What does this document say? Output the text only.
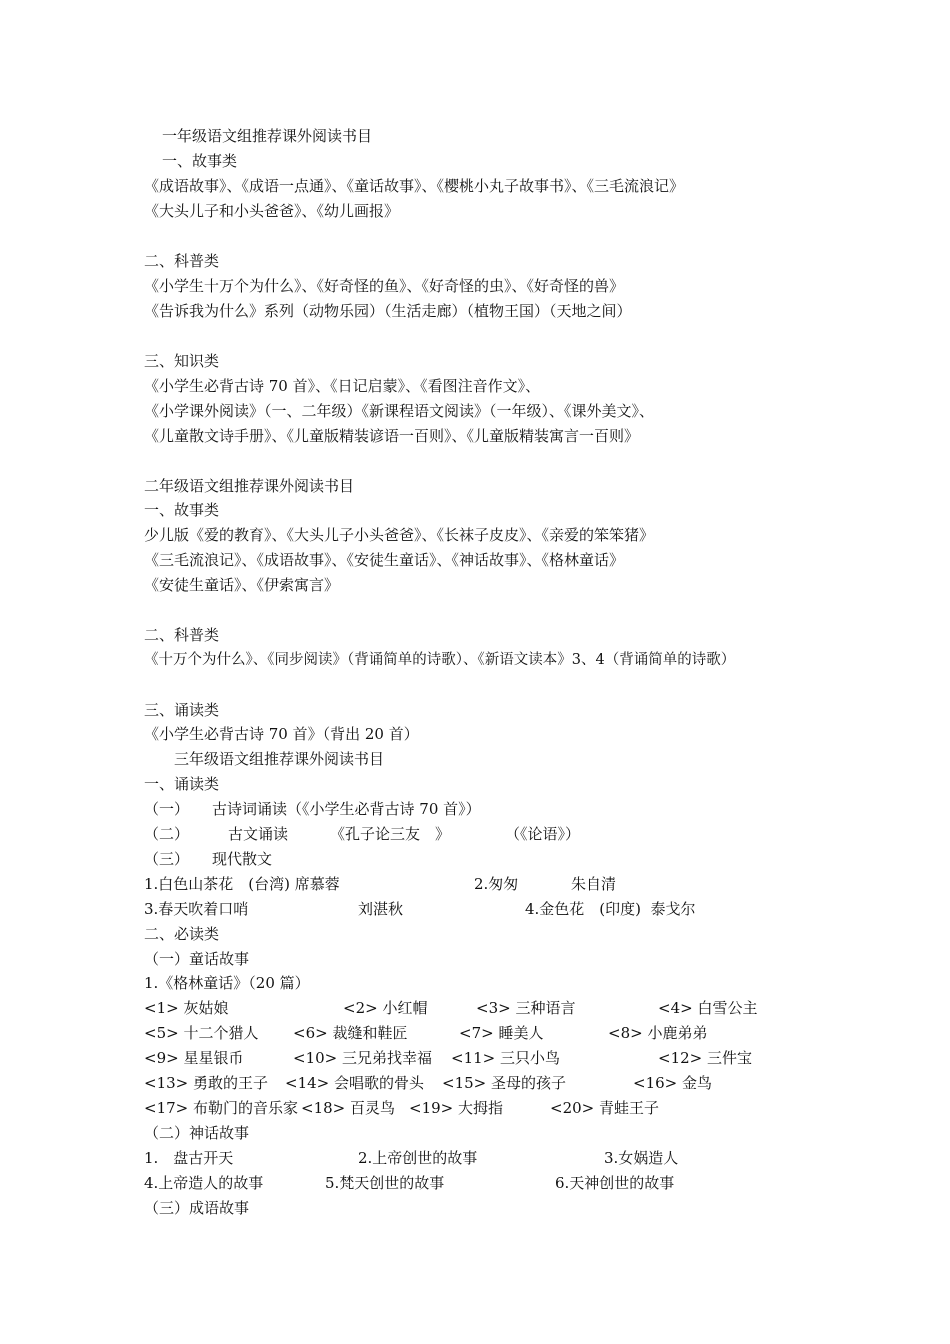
一年级语文组推荐课外阅读书目
一、故事类
《成语故事》、《成语一点通》、《童话故事》、《樱桃小丸子故事书》、《三毛流浪记》
《大头儿子和小头爸爸》、《幼儿画报》
二、科普类
《小学生十万个为什么》、《好奇怪的鱼》、《好奇怪的虫》、《好奇怪的兽》
《告诉我为什么》系列（动物乐园）（生活走廊）（植物王国）（天地之间）
三、知识类
《小学生必背古诗 70 首》、《日记启蒙》、《看图注音作文》、
《小学课外阅读》（一、二年级）《新课程语文阅读》（一年级）、《课外美文》、
《儿童散文诗手册》、《儿童版精装谚语一百则》、《儿童版精装寓言一百则》
二年级语文组推荐课外阅读书目
一、故事类
少儿版《爱的教育》、《大头儿子小头爸爸》、《长袜子皮皮》、《亲爱的笨笨猪》
《三毛流浪记》、《成语故事》、《安徒生童话》、《神话故事》、《格林童话》
《安徒生童话》、《伊索寓言》
二、科普类
《十万个为什么》、《同步阅读》（背诵简单的诗歌）、《新语文读本》3、4（背诵简单的诗歌）
三、诵读类
《小学生必背古诗 70 首》（背出 20 首）
三年级语文组推荐课外阅读书目
一、诵读类
（一） 古诗词诵读（《小学生必背古诗 70 首》）
（二）	古文诵读	《孔子论三友　》	（《论语》）
（三） 现代散文
1.白色山茶花　(台湾) 席慕蓉	2.匆匆	朱自清
3.春天吹着口哨	刘湛秋	4.金色花　(印度)  泰戈尔
二、必读类
（一）童话故事
1.《格林童话》（20 篇）
<1> 灰姑娘	<2> 小红帽	<3> 三种语言	<4> 白雪公主
<5> 十二个猎人 <6> 裁缝和鞋匠	<7> 睡美人	<8> 小鹿弟弟
<9> 星星银币	<10> 三兄弟找幸福 <11> 三只小鸟	<12> 三件宝
<13> 勇敢的王子 <14> 会唱歌的骨头 <15> 圣母的孩子	<16> 金鸟
<17> 布勒门的音乐家 <18> 百灵鸟 <19> 大拇指	<20> 青蛙王子
（二）神话故事
1.　盘古开天	2.上帝创世的故事	3.女娲造人
4.上帝造人的故事	5.梵天创世的故事	6.天神创世的故事
（三）成语故事
